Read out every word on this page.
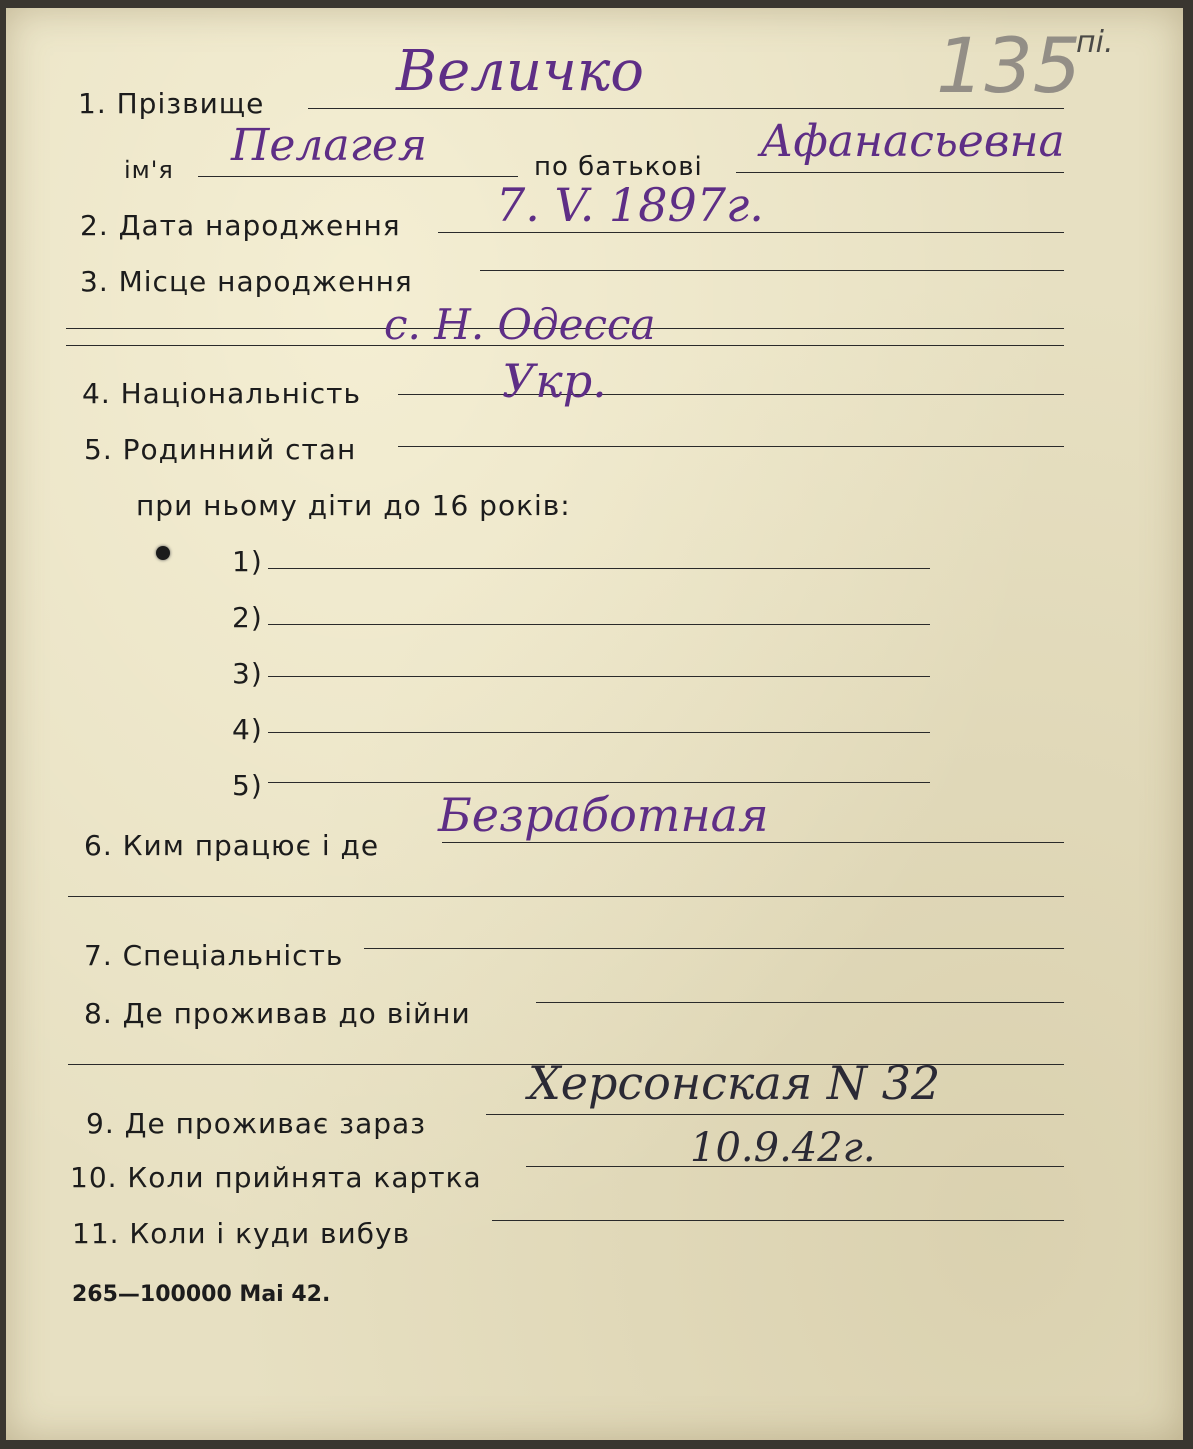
135
пі.
1. Прізвище Величко
ім'я Пелагея	по батькові Афанасьевна
2. Дата народження 7. V. 1897г.
3. Місце народження
с. Н. Одесса
4. Національність	Укр.
5. Родинний стан
при ньому діти до 16 років:
1)
2)
3)
4)
5)
6. Ким працює і де
Безработная
7. Спеціальність
8. Де проживав до війни
9. Де проживає зараз
Херсонская N 32
10. Коли прийнята картка
10.9.42г.
11. Коли і куди вибув
265—100000 Mai 42.
